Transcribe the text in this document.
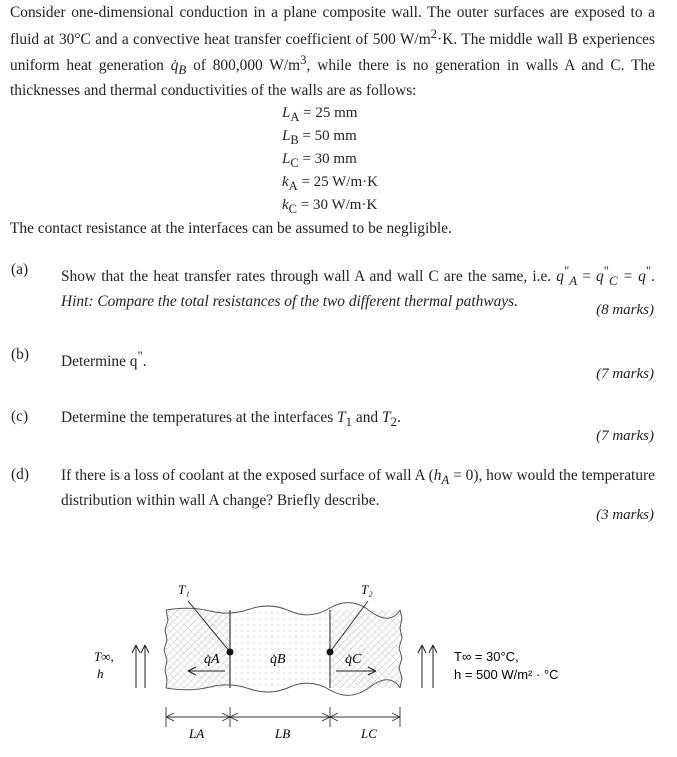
Consider one-dimensional conduction in a plane composite wall. The outer surfaces are exposed to a fluid at 30°C and a convective heat transfer coefficient of 500 $W/m^2\cdot K$. The middle wall B experiences uniform heat generation $q̇_B$ of 800,000 $W/m^3$, while there is no generation in walls A and C. The thicknesses and thermal conductivities of the walls are as follows:

$L_A = 25$ mm
$L_B = 50$ mm
$L_C = 30$ mm
$k_A = 25$ W/m·K
$k_C = 30$ W/m·K
The contact resistance at the interfaces can be assumed to be negligible.
(a) Show that the heat transfer rates through wall A and wall C are the same, i.e. $q^"_A = q^"_C = q^"$. Hint: Compare the total resistances of the two different thermal pathways.
(8 marks)
(b) Determine q".
(7 marks)
(c) Determine the temperatures at the interfaces $T_1$ and $T_2$.
(7 marks)
(d) If there is a loss of coolant at the exposed surface of wall A $(h_A = 0)$, how would the temperature distribution within wall A change? Briefly describe.
(3 marks)
T₁	T₂
q̇A	q̇B	q̇C
T∞,
h
T∞ = 30°C,
h = 500 W/m² · °C
LA	LB	LC
